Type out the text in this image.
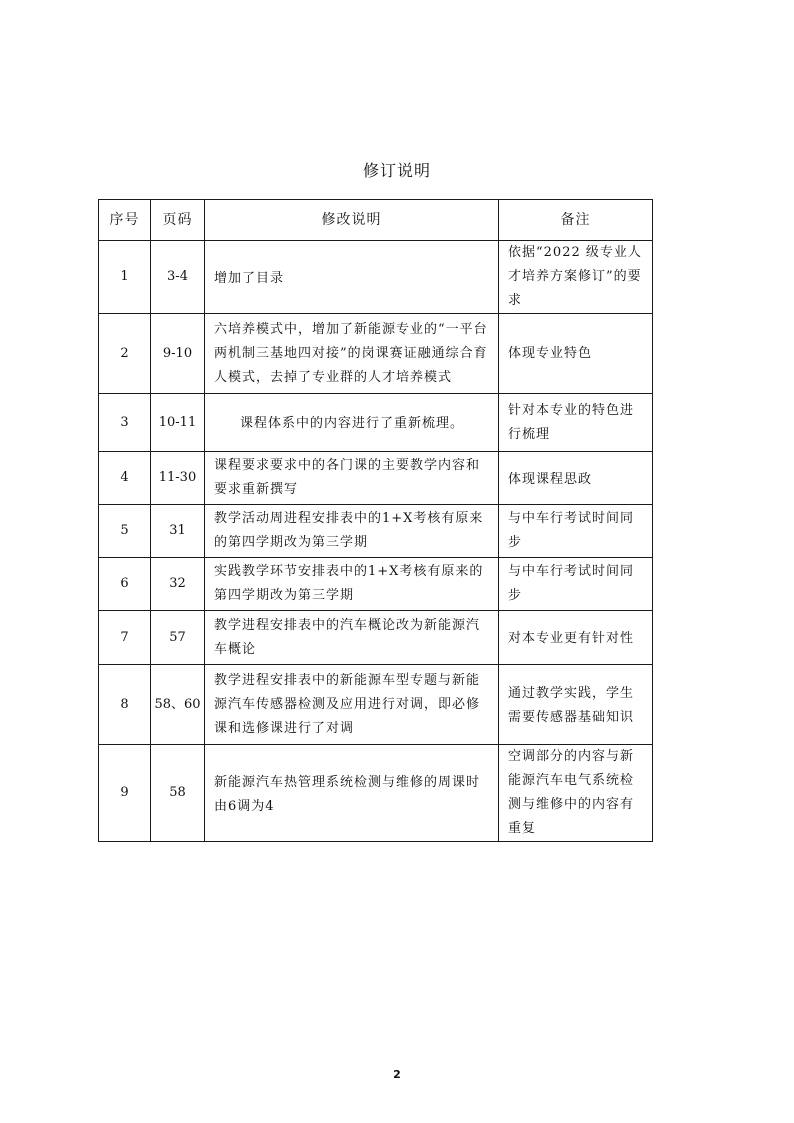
修订说明
序号	页码	修改说明	备注
1	3-4	增加了目录	依据“2022 级专业人才培养方案修订”的要求
2	9-10	六培养模式中，增加了新能源专业的“一平台两机制三基地四对接”的岗课赛证融通综合育人模式，去掉了专业群的人才培养模式	体现专业特色
3	10-11	课程体系中的内容进行了重新梳理。	针对本专业的特色进行梳理
4	11-30	课程要求要求中的各门课的主要教学内容和要求重新撰写	体现课程思政
5	31	教学活动周进程安排表中的1+X考核有原来的第四学期改为第三学期	与中车行考试时间同步
6	32	实践教学环节安排表中的1+X考核有原来的第四学期改为第三学期	与中车行考试时间同步
7	57	教学进程安排表中的汽车概论改为新能源汽车概论	对本专业更有针对性
8	58、60	教学进程安排表中的新能源车型专题与新能源汽车传感器检测及应用进行对调，即必修课和选修课进行了对调	通过教学实践，学生需要传感器基础知识
9	58	新能源汽车热管理系统检测与维修的周课时由6调为4	空调部分的内容与新能源汽车电气系统检测与维修中的内容有重复
2
